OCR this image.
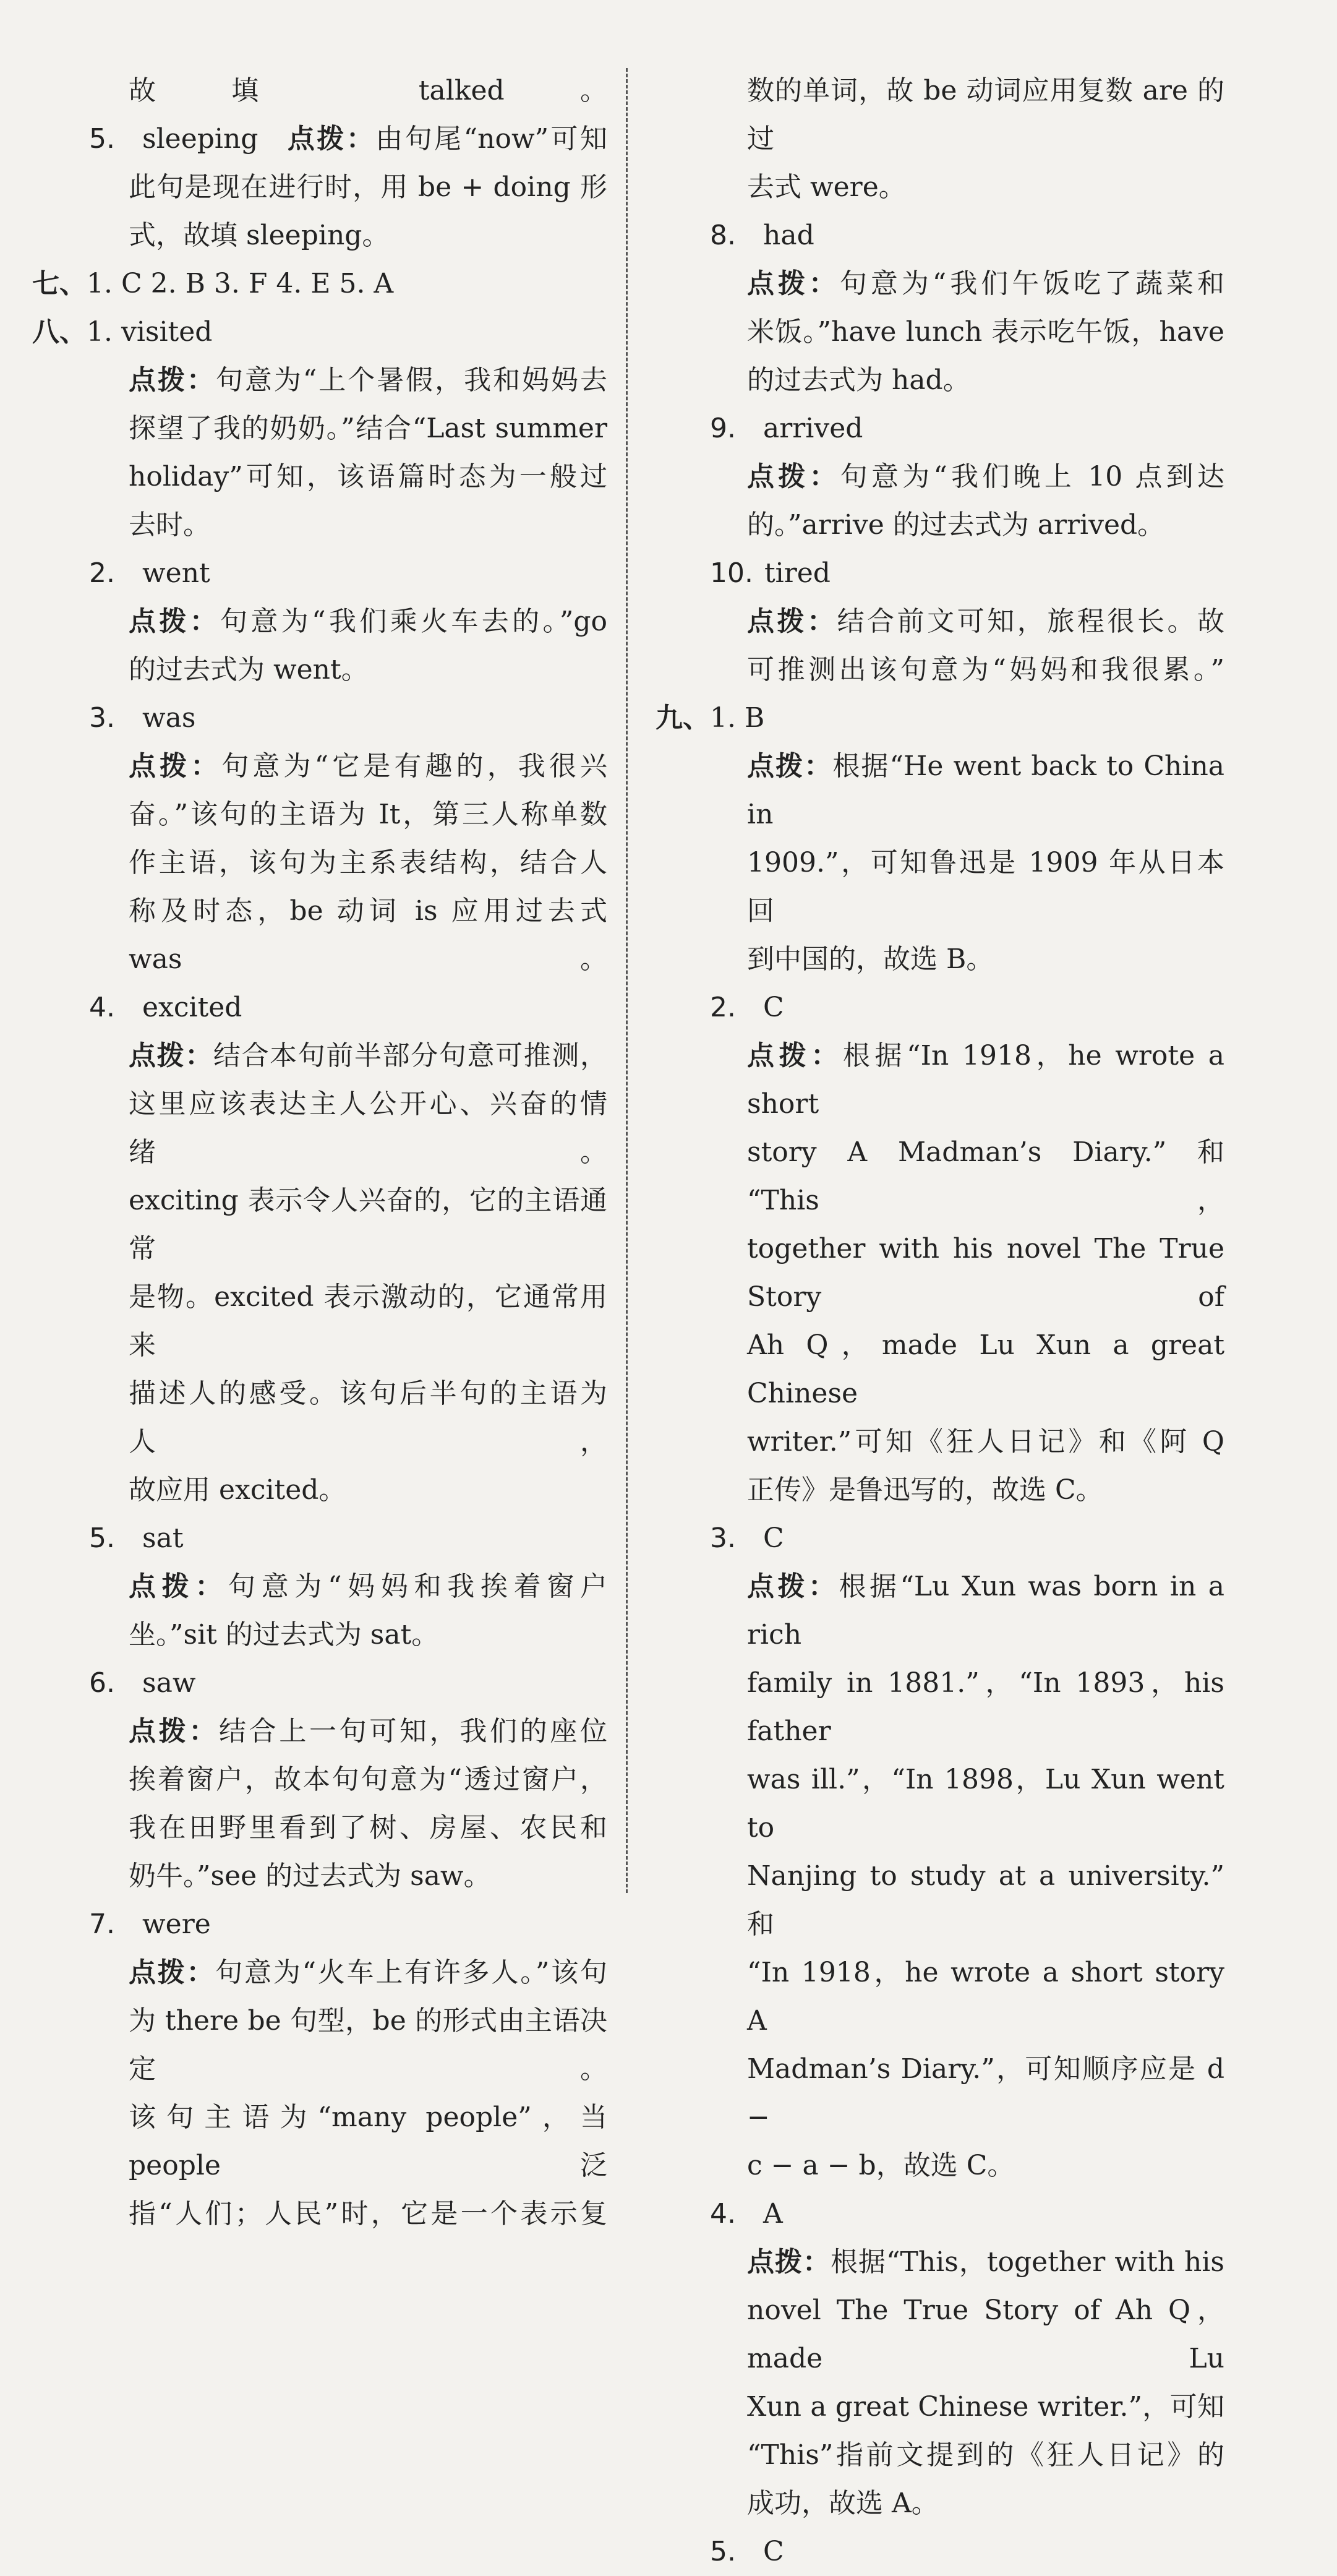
故填 talked。
5. sleeping  点拨：由句尾“now”可知
此句是现在进行时，用 be + doing 形
式，故填 sleeping。
七、1. C 2. B 3. F 4. E 5. A
八、1. visited
点拨：句意为“上个暑假，我和妈妈去
探望了我的奶奶。”结合“Last summer
holiday”可知，该语篇时态为一般过
去时。
2. went
点拨：句意为“我们乘火车去的。”go
的过去式为 went。
3. was
点拨：句意为“它是有趣的，我很兴
奋。”该句的主语为 It，第三人称单数
作主语，该句为主系表结构，结合人
称及时态，be 动词 is 应用过去式 was。
4. excited
点拨：结合本句前半部分句意可推测，
这里应该表达主人公开心、兴奋的情绪。
exciting 表示令人兴奋的，它的主语通常
是物。excited 表示激动的，它通常用来
描述人的感受。该句后半句的主语为人，
故应用 excited。
5. sat
点拨：句意为“妈妈和我挨着窗户
坐。”sit 的过去式为 sat。
6. saw
点拨：结合上一句可知，我们的座位
挨着窗户，故本句句意为“透过窗户，
我在田野里看到了树、房屋、农民和
奶牛。”see 的过去式为 saw。
7. were
点拨：句意为“火车上有许多人。”该句
为 there be 句型，be 的形式由主语决定。
该句主语为“many people”，当 people 泛
指“人们；人民”时，它是一个表示复
数的单词，故 be 动词应用复数 are 的过
去式 were。
8. had
点拨：句意为“我们午饭吃了蔬菜和
米饭。”have lunch 表示吃午饭，have
的过去式为 had。
9. arrived
点拨：句意为“我们晚上 10 点到达
的。”arrive 的过去式为 arrived。
10. tired
点拨：结合前文可知，旅程很长。故
可推测出该句意为“妈妈和我很累。”
九、1. B
点拨：根据“He went back to China in
1909.”，可知鲁迅是 1909 年从日本回
到中国的，故选 B。
2. C
点拨：根据“In 1918，he wrote a short
story A Madman’s Diary.” 和 “This，
together with his novel The True Story of
Ah Q，made Lu Xun a great Chinese
writer.”可知《狂人日记》和《阿 Q
正传》是鲁迅写的，故选 C。
3. C
点拨：根据“Lu Xun was born in a rich
family in 1881.”，“In 1893，his father
was ill.”，“In 1898，Lu Xun went to
Nanjing to study at a university.” 和
“In 1918，he wrote a short story A
Madman’s Diary.”，可知顺序应是 d −
c − a − b，故选 C。
4. A
点拨：根据“This，together with his
novel The True Story of Ah Q，made Lu
Xun a great Chinese writer.”，可知
“This”指前文提到的《狂人日记》的
成功，故选 A。
5. C
